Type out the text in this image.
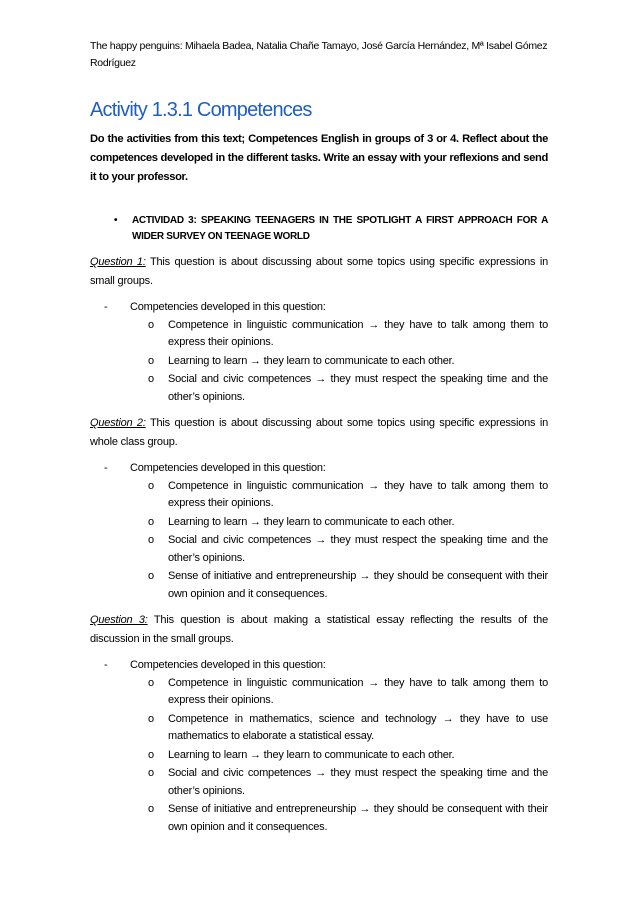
The happy penguins: Mihaela Badea, Natalia Chañe Tamayo, José García Hernández, Mª Isabel Gómez Rodríguez
Activity 1.3.1 Competences

Do the activities from this text; Competences English in groups of 3 or 4. Reflect about the competences developed in the different tasks. Write an essay with your reflexions and send it to your professor.

• ACTIVIDAD 3: SPEAKING TEENAGERS IN THE SPOTLIGHT A FIRST APPROACH FOR A WIDER SURVEY ON TEENAGE WORLD

Question 1: This question is about discussing about some topics using specific expressions in small groups.

- Competencies developed in this question:
o Competence in linguistic communication → they have to talk among them to express their opinions.
o Learning to learn → they learn to communicate to each other.
o Social and civic competences → they must respect the speaking time and the other’s opinions.

Question 2: This question is about discussing about some topics using specific expressions in whole class group.

- Competencies developed in this question:
o Competence in linguistic communication → they have to talk among them to express their opinions.
o Learning to learn → they learn to communicate to each other.
o Social and civic competences → they must respect the speaking time and the other’s opinions.
o Sense of initiative and entrepreneurship → they should be consequent with their own opinion and it consequences.

Question 3: This question is about making a statistical essay reflecting the results of the discussion in the small groups.

- Competencies developed in this question:
o Competence in linguistic communication → they have to talk among them to express their opinions.
o Competence in mathematics, science and technology → they have to use mathematics to elaborate a statistical essay.
o Learning to learn → they learn to communicate to each other.
o Social and civic competences → they must respect the speaking time and the other’s opinions.
o Sense of initiative and entrepreneurship → they should be consequent with their own opinion and it consequences.
